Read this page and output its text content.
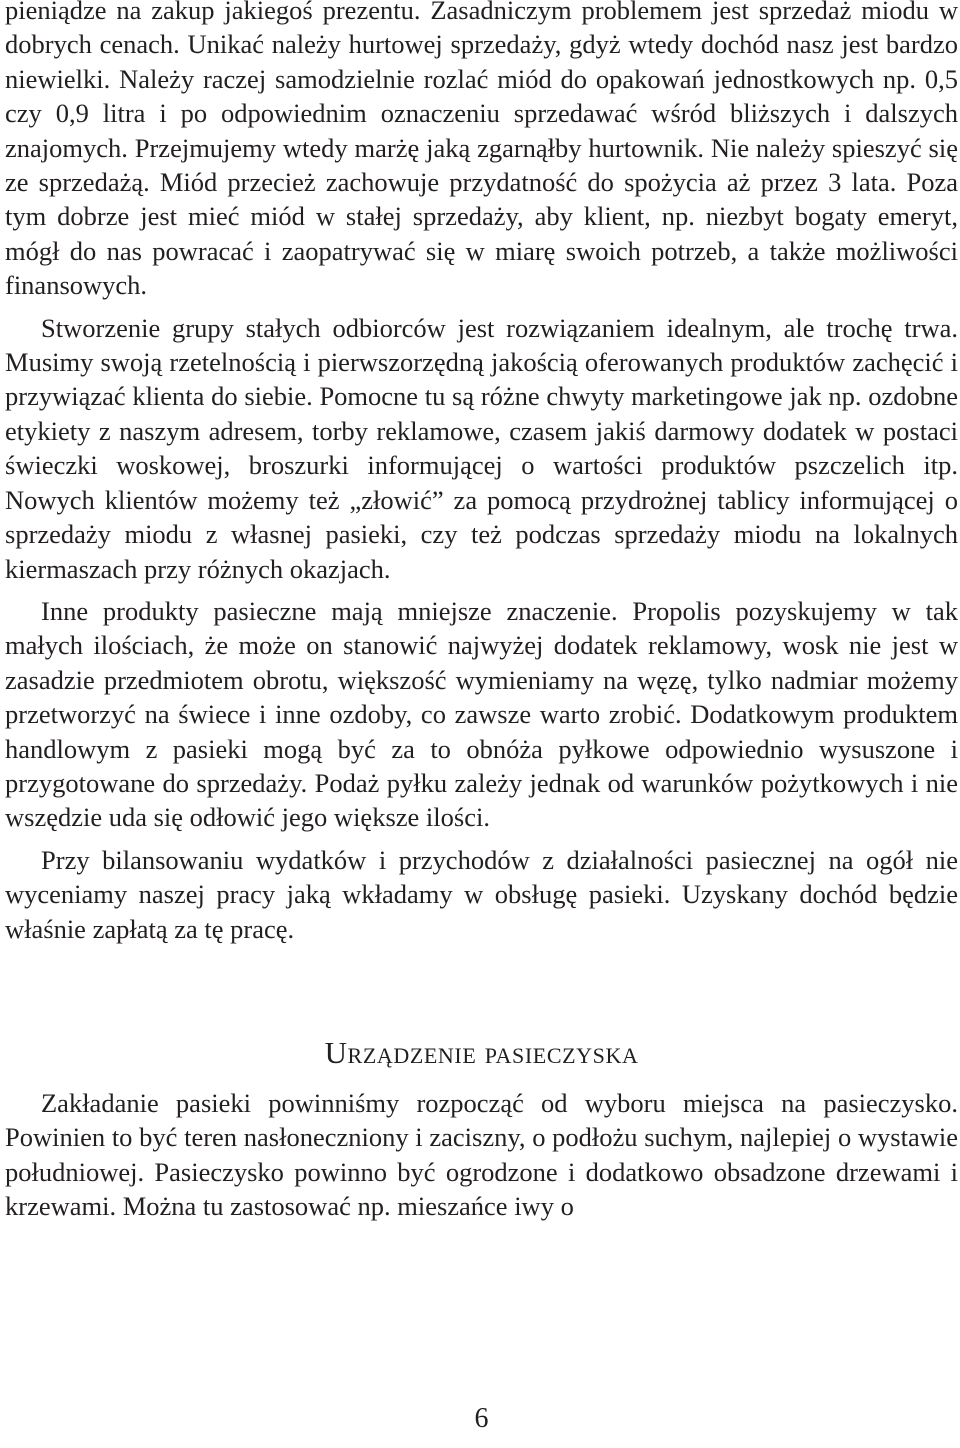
pieniądze na zakup jakiegoś prezentu. Zasadniczym problemem jest sprzedaż miodu w dobrych cenach. Unikać należy hurtowej sprzedaży, gdyż wtedy dochód nasz jest bardzo niewielki. Należy raczej samodzielnie rozlać miód do opakowań jednostkowych np. 0,5 czy 0,9 litra i po odpowiednim oznaczeniu sprzedawać wśród bliższych i dalszych znajomych. Przejmujemy wtedy marżę jaką zgarnąłby hurtownik. Nie należy spieszyć się ze sprzedażą. Miód przecież zachowuje przydatność do spożycia aż przez 3 lata. Poza tym dobrze jest mieć miód w stałej sprzedaży, aby klient, np. niezbyt bogaty emeryt, mógł do nas powracać i zaopatrywać się w miarę swoich potrzeb, a także możliwości finansowych.

Stworzenie grupy stałych odbiorców jest rozwiązaniem idealnym, ale trochę trwa. Musimy swoją rzetelnością i pierwszorzędną jakością oferowanych produktów zachęcić i przywiązać klienta do siebie. Pomocne tu są różne chwyty marketingowe jak np. ozdobne etykiety z naszym adresem, torby reklamowe, czasem jakiś darmowy dodatek w postaci świeczki woskowej, broszurki informującej o wartości produktów pszczelich itp. Nowych klientów możemy też „złowić” za pomocą przydrożnej tablicy informującej o sprzedaży miodu z własnej pasieki, czy też podczas sprzedaży miodu na lokalnych kiermaszach przy różnych okazjach.

Inne produkty pasieczne mają mniejsze znaczenie. Propolis pozyskujemy w tak małych ilościach, że może on stanowić najwyżej dodatek reklamowy, wosk nie jest w zasadzie przedmiotem obrotu, większość wymieniamy na węzę, tylko nadmiar możemy przetworzyć na świece i inne ozdoby, co zawsze warto zrobić. Dodatkowym produktem handlowym z pasieki mogą być za to obnóża pyłkowe odpowiednio wysuszone i przygotowane do sprzedaży. Podaż pyłku zależy jednak od warunków pożytkowych i nie wszędzie uda się odłowić jego większe ilości.

Przy bilansowaniu wydatków i przychodów z działalności pasiecznej na ogół nie wyceniamy naszej pracy jaką wkładamy w obsługę pasieki. Uzyskany dochód będzie właśnie zapłatą za tę pracę.

Urządzenie pasieczyska

Zakładanie pasieki powinniśmy rozpocząć od wyboru miejsca na pasieczysko. Powinien to być teren nasłoneczniony i zaciszny, o podłożu suchym, najlepiej o wystawie południowej. Pasieczysko powinno być ogrodzone i dodatkowo obsadzone drzewami i krzewami. Można tu zastosować np. mieszańce iwy o

6
